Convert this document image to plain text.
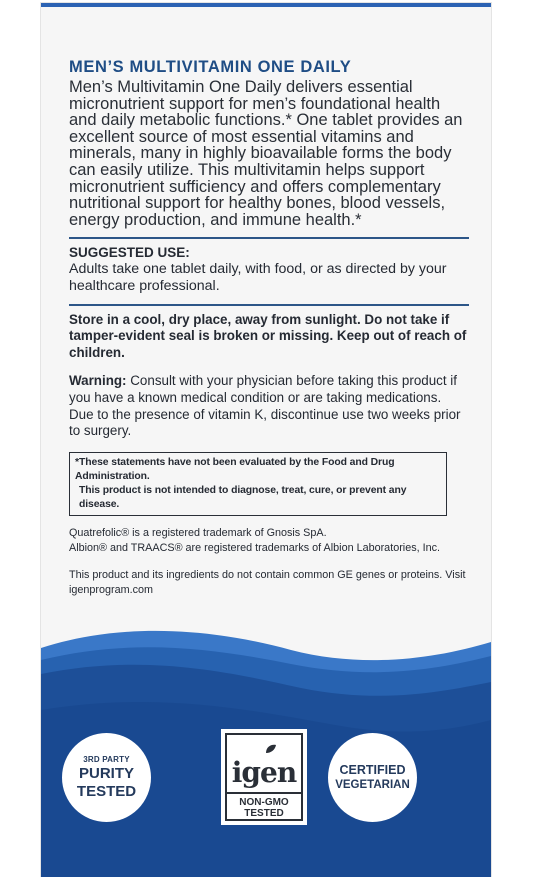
MEN’S MULTIVITAMIN ONE DAILY

Men’s Multivitamin One Daily delivers essential micronutrient support for men’s foundational health and daily metabolic functions.* One tablet provides an excellent source of most essential vitamins and minerals, many in highly bioavailable forms the body can easily utilize. This multivitamin helps support micronutrient sufficiency and offers complementary nutritional support for healthy bones, blood vessels, energy production, and immune health.*

SUGGESTED USE:

Adults take one tablet daily, with food, or as directed by your healthcare professional.

Store in a cool, dry place, away from sunlight. Do not take if tamper-evident seal is broken or missing. Keep out of reach of children.

Warning: Consult with your physician before taking this product if you have a known medical condition or are taking medications. Due to the presence of vitamin K, discontinue use two weeks prior to surgery.

*These statements have not been evaluated by the Food and Drug Administration.
This product is not intended to diagnose, treat, cure, or prevent any disease.

Quatrefolic® is a registered trademark of Gnosis SpA.
Albion® and TRAACS® are registered trademarks of Albion Laboratories, Inc.

This product and its ingredients do not contain common GE genes or proteins. Visit igenprogram.com

3RD PARTY
PURITY
TESTED
igen
NON-GMO
TESTED
CERTIFIED
VEGETARIAN
